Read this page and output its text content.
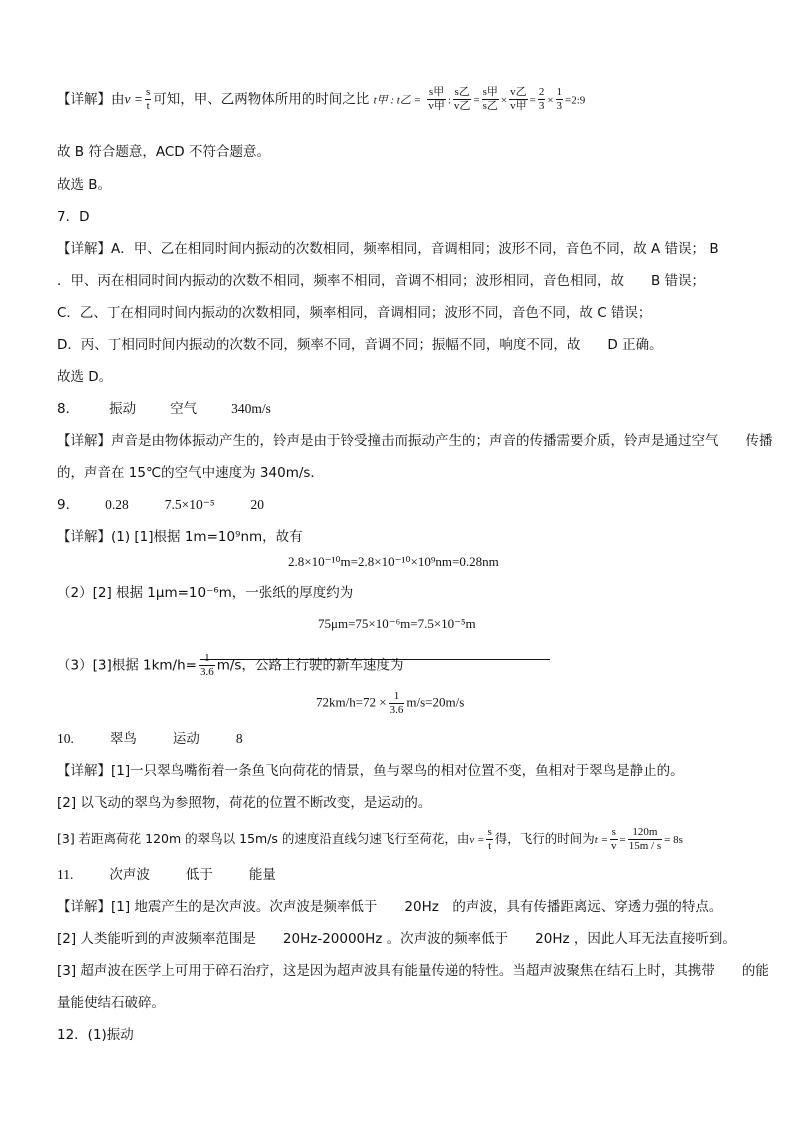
【详解】由$v = \frac{s}{t}$ 可知，甲、乙两物体所用的时间之比 t甲 : t乙 = $\frac{\text{s甲}}{\text{v甲}}$ : $\frac{\text{s乙}}{\text{v乙}} = \frac{\text{s甲}}{\text{s乙}} \times \frac{\text{v乙}}{\text{v甲}} = \frac{2}{3} \times \frac{1}{3}$ =2:9
故 B 符合题意，ACD 不符合题意。
故选 B。
7．D
【详解】A．甲、乙在相同时间内振动的次数相同，频率相同，音调相同；波形不同，音色不同，故 A 错误； B
．甲、丙在相同时间内振动的次数不相同，频率不相同，音调不相同；波形相同，音色相同，故　　B 错误；
C．乙、丁在相同时间内振动的次数相同，频率相同，音调相同；波形不同，音色不同，故 C 错误；
D．丙、丁相同时间内振动的次数不同，频率不同，音调不同；振幅不同，响度不同，故　　D 正确。
故选 D。
8． 振动	空气	340m/s
【详解】声音是由物体振动产生的，铃声是由于铃受撞击而振动产生的；声音的传播需要介质，铃声是通过空气　　传播
的，声音在 15℃的空气中速度为 340m/s．
9． 0.28	7.5×10⁻⁵	20
【详解】(1) [1]根据 1m=10⁹nm，故有
2.8×10⁻¹⁰m=2.8×10⁻¹⁰×10⁹nm=0.28nm
（2）[2] 根据 1μm=10⁻⁶m，一张纸的厚度约为
75μm=75×10⁻⁶m=7.5×10⁻⁵m
（3）[3]根据 $1km/h= \frac{1}{3.6} m/s$，公路上行驶的新车速度为
$72km/h=72 \times \frac{1}{3.6} m/s=20m/s$
10.	翠鸟	运动	8
【详解】[1]一只翠鸟嘴衔着一条鱼飞向荷花的情景，鱼与翠鸟的相对位置不变，鱼相对于翠鸟是静止的。
[2] 以飞动的翠鸟为参照物，荷花的位置不断改变，是运动的。
[3] 若距离荷花 120m 的翠鸟以 15m/s 的速度沿直线匀速飞行至荷花，由$v = \frac{s}{t}$ 得，飞行的时间为$t = \frac{s}{v} = \frac{120m}{15m / s} = 8s$
11.	次声波	低于	能量
【详解】[1] 地震产生的是次声波。次声波是频率低于　　20Hz　的声波，具有传播距离远、穿透力强的特点。
[2] 人类能听到的声波频率范围是　　20Hz-20000Hz 。次声波的频率低于　　20Hz ，因此人耳无法直接听到。
[3] 超声波在医学上可用于碎石治疗，这是因为超声波具有能量传递的特性。当超声波聚焦在结石上时，其携带　　的能
量能使结石破碎。
12．(1)振动
